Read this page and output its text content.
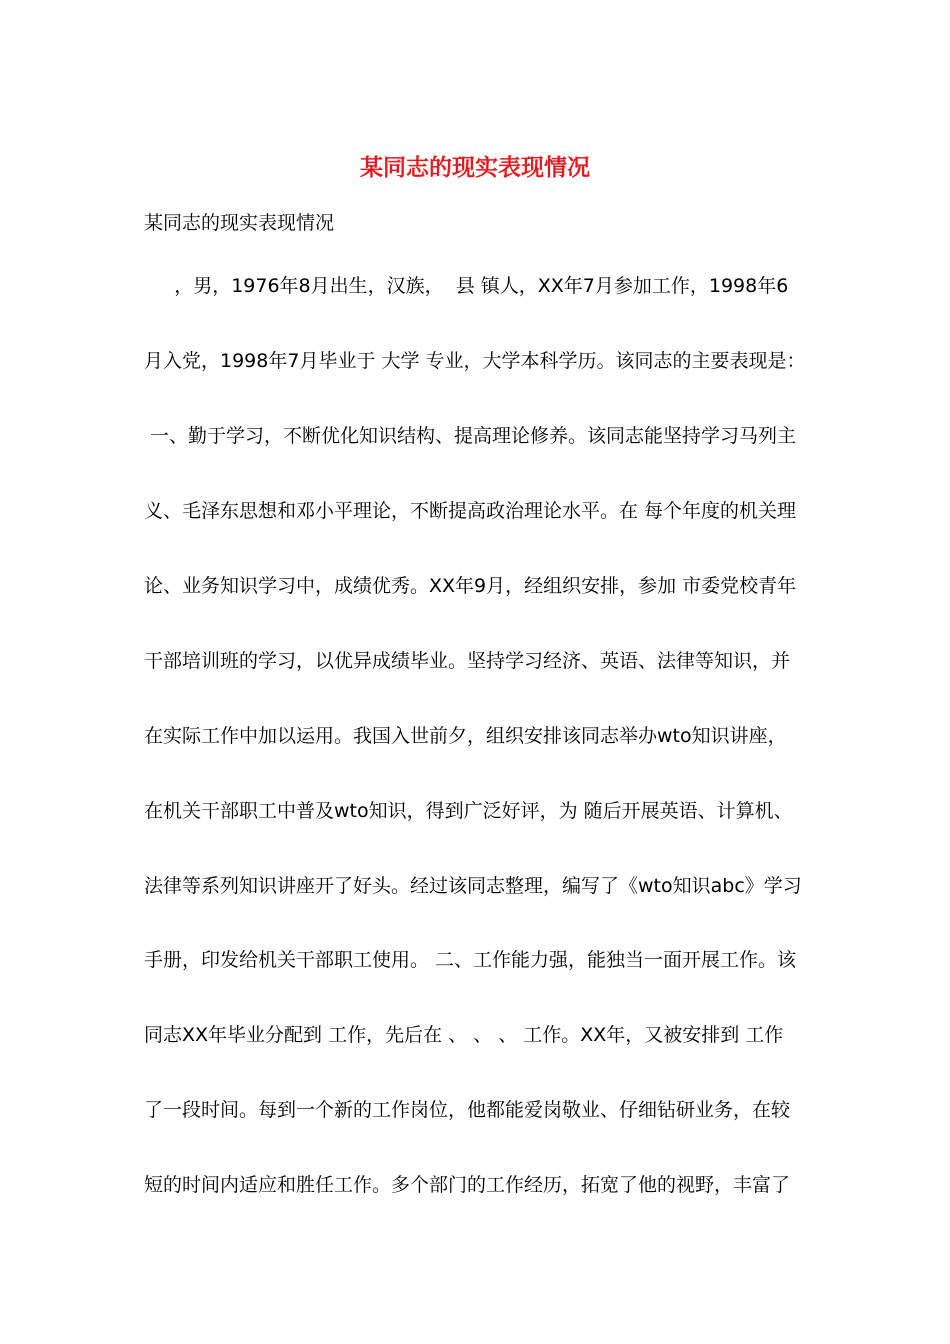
某同志的现实表现情况
某同志的现实表现情况
，男，1976年8月出生，汉族，  县 镇人，XX年7月参加工作，1998年6
月入党，1998年7月毕业于 大学 专业，大学本科学历。该同志的主要表现是：
一、勤于学习，不断优化知识结构、提高理论修养。该同志能坚持学习马列主
义、毛泽东思想和邓小平理论，不断提高政治理论水平。在 每个年度的机关理
论、业务知识学习中，成绩优秀。XX年9月，经组织安排，参加 市委党校青年
干部培训班的学习，以优异成绩毕业。坚持学习经济、英语、法律等知识，并
在实际工作中加以运用。我国入世前夕，组织安排该同志举办wto知识讲座，
在机关干部职工中普及wto知识，得到广泛好评，为 随后开展英语、计算机、
法律等系列知识讲座开了好头。经过该同志整理，编写了《wto知识abc》学习
手册，印发给机关干部职工使用。 二、工作能力强，能独当一面开展工作。该
同志XX年毕业分配到 工作，先后在 、 、 、 工作。XX年，又被安排到 工作
了一段时间。每到一个新的工作岗位，他都能爱岗敬业、仔细钻研业务，在较
短的时间内适应和胜任工作。多个部门的工作经历，拓宽了他的视野，丰富了
